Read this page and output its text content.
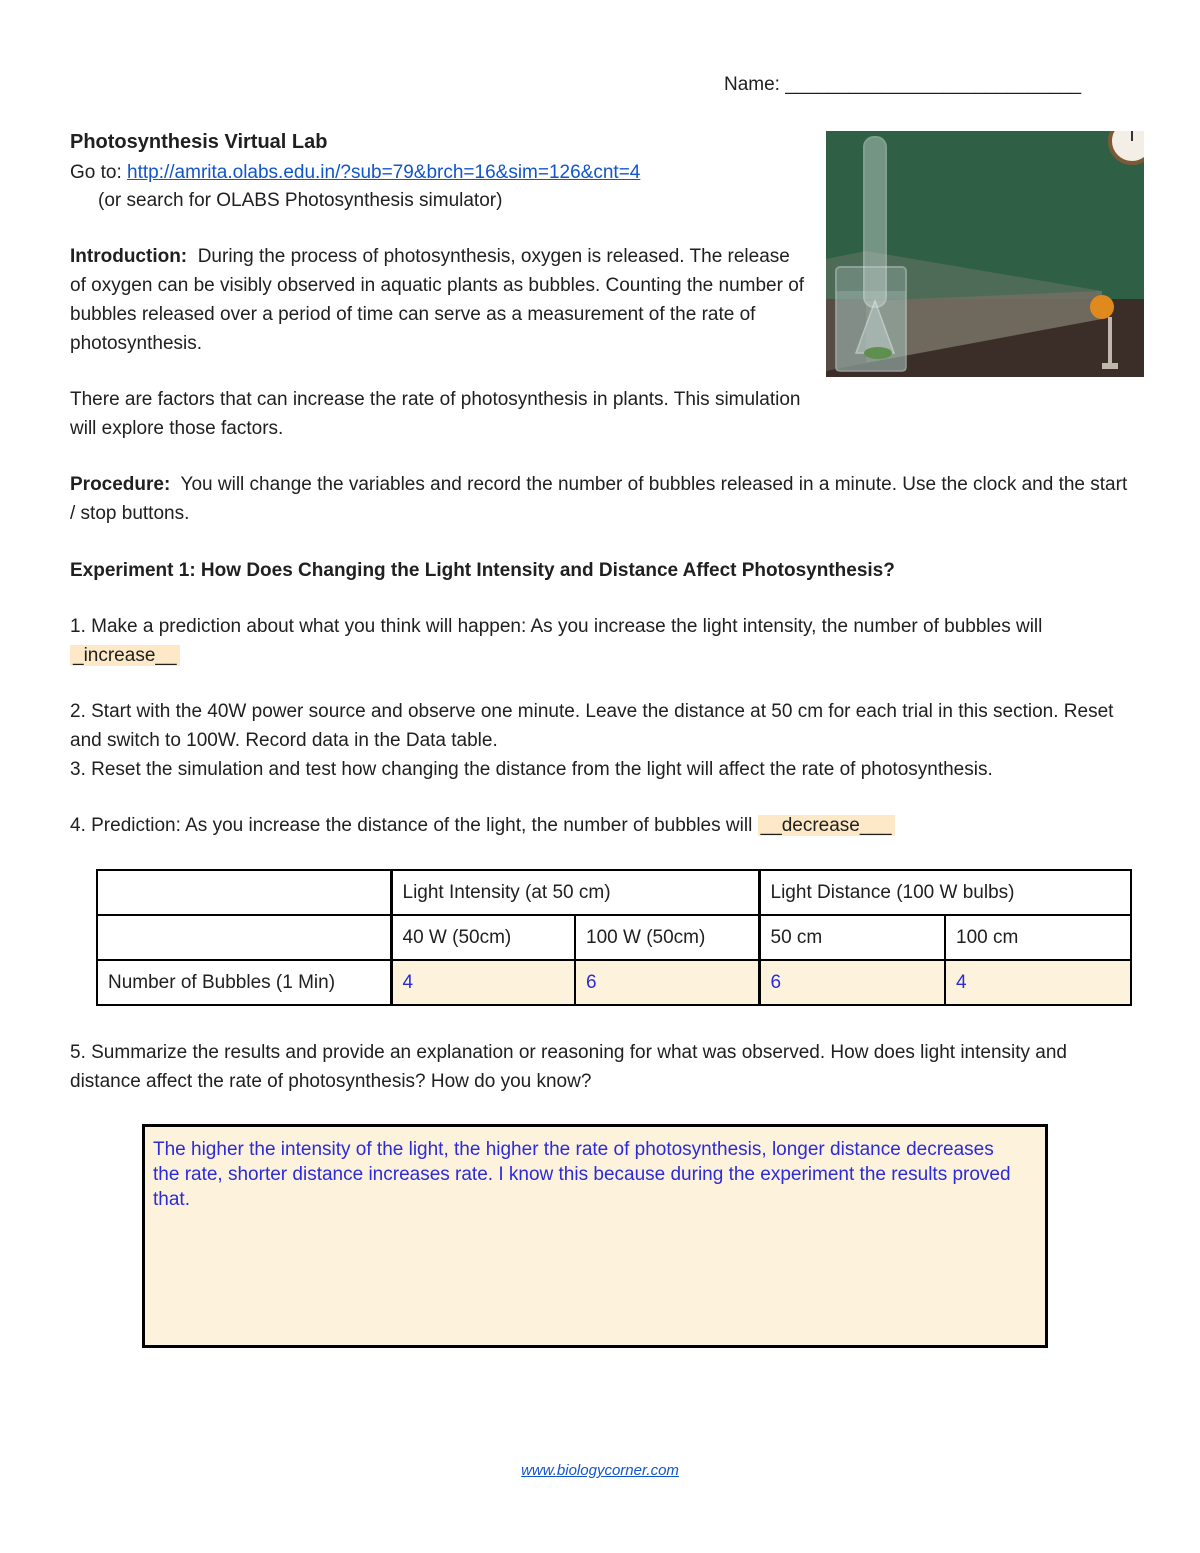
Name: ____________________________
Photosynthesis Virtual Lab
Go to: http://amrita.olabs.edu.in/?sub=79&brch=16&sim=126&cnt=4
(or search for OLABS Photosynthesis simulator)
Introduction: During the process of photosynthesis, oxygen is released. The release of oxygen can be visibly observed in aquatic plants as bubbles. Counting the number of bubbles released over a period of time can serve as a measurement of the rate of photosynthesis.
There are factors that can increase the rate of photosynthesis in plants. This simulation will explore those factors.
Procedure: You will change the variables and record the number of bubbles released in a minute. Use the clock and the start / stop buttons.
Experiment 1: How Does Changing the Light Intensity and Distance Affect Photosynthesis?
1. Make a prediction about what you think will happen: As you increase the light intensity, the number of bubbles will _increase__
2. Start with the 40W power source and observe one minute. Leave the distance at 50 cm for each trial in this section. Reset and switch to 100W. Record data in the Data table.
3. Reset the simulation and test how changing the distance from the light will affect the rate of photosynthesis.
4. Prediction: As you increase the distance of the light, the number of bubbles will __decrease___
	Light Intensity (at 50 cm)		Light Distance (100 W bulbs)	
	40 W (50cm)	100 W (50cm)	50 cm	100 cm
Number of Bubbles (1 Min)	4	6	6	4
5. Summarize the results and provide an explanation or reasoning for what was observed. How does light intensity and distance affect the rate of photosynthesis? How do you know?
The higher the intensity of the light, the higher the rate of photosynthesis, longer distance decreases the rate, shorter distance increases rate. I know this because during the experiment the results proved that.
www.biologycorner.com
